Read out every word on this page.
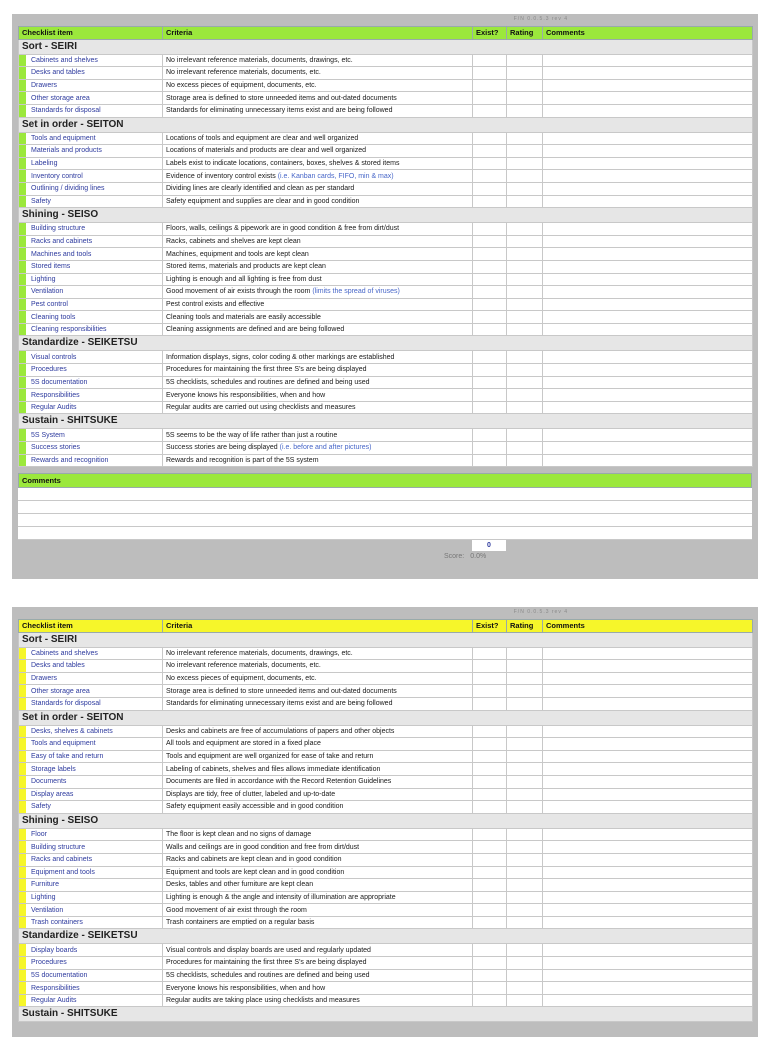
F/N 0.0.5.3 rev 4
Checklist item	Criteria	Exist?	Rating	Comments
Sort - SEIRI				
Cabinets and shelves	No irrelevant reference materials, documents, drawings, etc.			
Desks and tables	No irrelevant reference materials, documents, etc.			
Drawers	No excess pieces of equipment, documents, etc.			
Other storage area	Storage area is defined to store unneeded items and out-dated documents			
Standards for disposal	Standards for eliminating unnecessary items exist and are being followed			
Set in order - SEITON				
Tools and equipment	Locations of tools and equipment are clear and well organized			
Materials and products	Locations of materials and products are clear and well organized			
Labeling	Labels exist to indicate locations, containers, boxes, shelves & stored items			
Inventory control	Evidence of inventory control exists (i.e. Kanban cards, FIFO, min & max)			
Outlining / dividing lines	Dividing lines are clearly identified and clean as per standard			
Safety	Safety equipment and supplies are clear and in good condition			
Shining - SEISO				
Building structure	Floors, walls, ceilings & pipework are in good condition & free from dirt/dust			
Racks and cabinets	Racks, cabinets and shelves are kept clean			
Machines and tools	Machines, equipment and tools are kept clean			
Stored items	Stored items, materials and products are kept clean			
Lighting	Lighting is enough and all lighting is free from dust			
Ventilation	Good movement of air exists through the room (limits the spread of viruses)			
Pest control	Pest control exists and effective			
Cleaning tools	Cleaning tools and materials are easily accessible			
Cleaning responsibilities	Cleaning assignments are defined and are being followed			
Standardize - SEIKETSU				
Visual controls	Information displays, signs, color coding & other markings are established			
Procedures	Procedures for maintaining the first three S's are being displayed			
5S documentation	5S checklists, schedules and routines are defined and being used			
Responsibilities	Everyone knows his responsibilities, when and how			
Regular Audits	Regular audits are carried out using checklists and measures			
Sustain - SHITSUKE				
5S System	5S seems to be the way of life rather than just a routine			
Success stories	Success stories are being displayed (i.e. before and after pictures)			
Rewards and recognition	Rewards and recognition is part of the 5S system			
Comments
0
Score: 0.0%
F/N 0.0.5.3 rev 4
Checklist item	Criteria	Exist?	Rating	Comments
Sort - SEIRI				
Cabinets and shelves	No irrelevant reference materials, documents, drawings, etc.			
Desks and tables	No irrelevant reference materials, documents, etc.			
Drawers	No excess pieces of equipment, documents, etc.			
Other storage area	Storage area is defined to store unneeded items and out-dated documents			
Standards for disposal	Standards for eliminating unnecessary items exist and are being followed			
Set in order - SEITON				
Desks, shelves & cabinets	Desks and cabinets are free of accumulations of papers and other objects			
Tools and equipment	All tools and equipment are stored in a fixed place			
Easy of take and return	Tools and equipment are well organized for ease of take and return			
Storage labels	Labeling of cabinets, shelves and files allows immediate identification			
Documents	Documents are filed in accordance with the Record Retention Guidelines			
Display areas	Displays are tidy, free of clutter, labeled and up-to-date			
Safety	Safety equipment easily accessible and in good condition			
Shining - SEISO				
Floor	The floor is kept clean and no signs of damage			
Building structure	Walls and ceilings are in good condition and free from dirt/dust			
Racks and cabinets	Racks and cabinets are kept clean and in good condition			
Equipment and tools	Equipment and tools are kept clean and in good condition			
Furniture	Desks, tables and other furniture are kept clean			
Lighting	Lighting is enough & the angle and intensity of illumination are appropriate			
Ventilation	Good movement of air exist through the room			
Trash containers	Trash containers are emptied on a regular basis			
Standardize - SEIKETSU				
Display boards	Visual controls and display boards are used and regularly updated			
Procedures	Procedures for maintaining the first three S's are being displayed			
5S documentation	5S checklists, schedules and routines are defined and being used			
Responsibilities	Everyone knows his responsibilities, when and how			
Regular Audits	Regular audits are taking place using checklists and measures			
Sustain - SHITSUKE				
